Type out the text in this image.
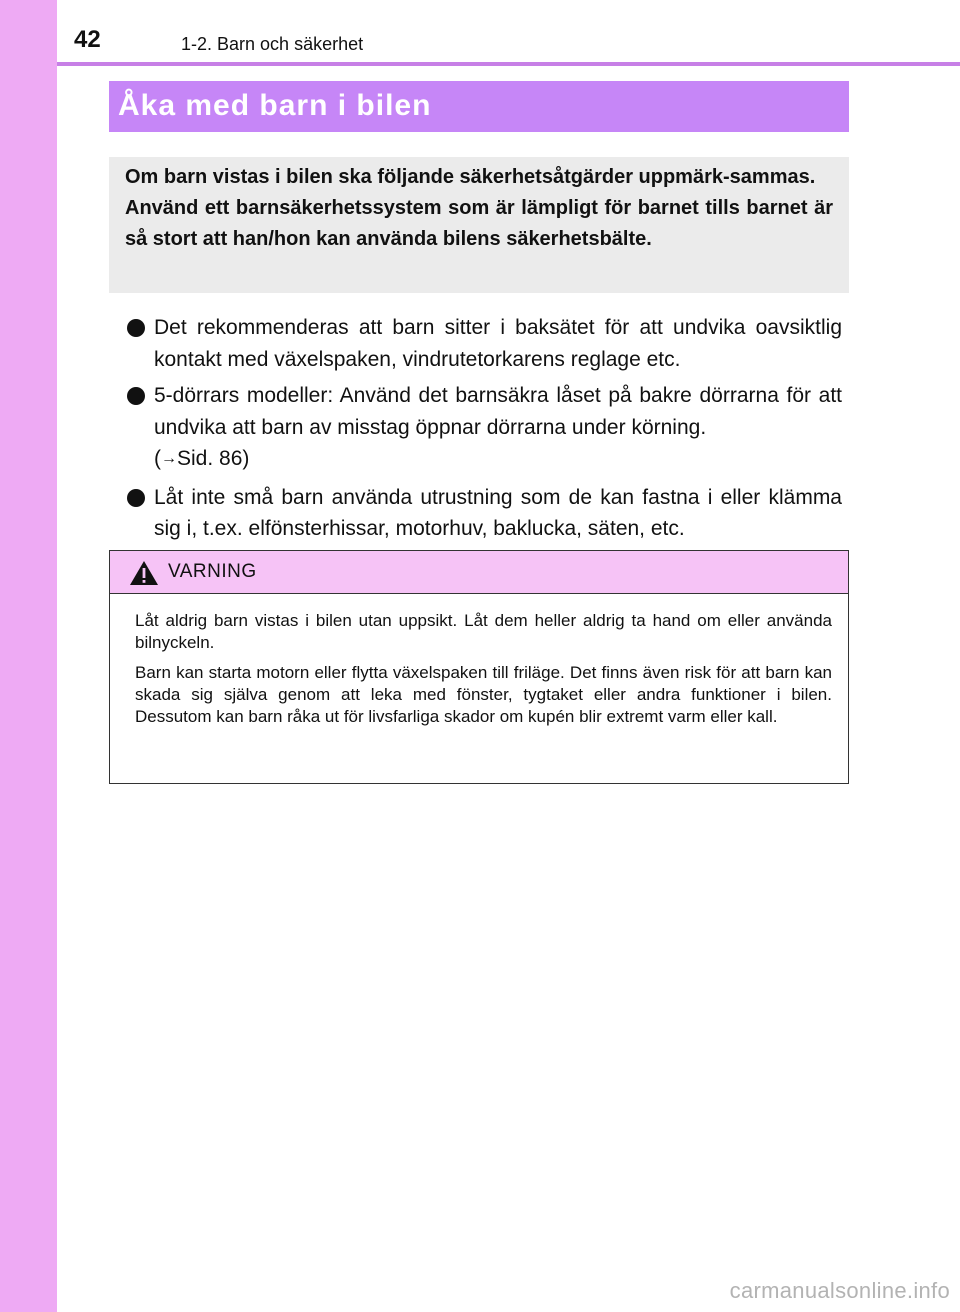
42	1-2. Barn och säkerhet
Åka med barn i bilen

Om barn vistas i bilen ska följande säkerhetsåtgärder uppmärk-sammas.

Använd ett barnsäkerhetssystem som är lämpligt för barnet tills barnet är så stort att han/hon kan använda bilens säkerhetsbälte.

Det rekommenderas att barn sitter i baksätet för att undvika oavsiktlig kontakt med växelspaken, vindrutetorkarens reglage etc.
5-dörrars modeller: Använd det barnsäkra låset på bakre dörrarna för att undvika att barn av misstag öppnar dörrarna under körning.
(→Sid. 86)
Låt inte små barn använda utrustning som de kan fastna i eller klämma sig i, t.ex. elfönsterhissar, motorhuv, baklucka, säten, etc.
VARNING

Låt aldrig barn vistas i bilen utan uppsikt. Låt dem heller aldrig ta hand om eller använda bilnyckeln.

Barn kan starta motorn eller flytta växelspaken till friläge. Det finns även risk för att barn kan skada sig själva genom att leka med fönster, tygtaket eller andra funktioner i bilen. Dessutom kan barn råka ut för livsfarliga skador om kupén blir extremt varm eller kall.

carmanualsonline.info
